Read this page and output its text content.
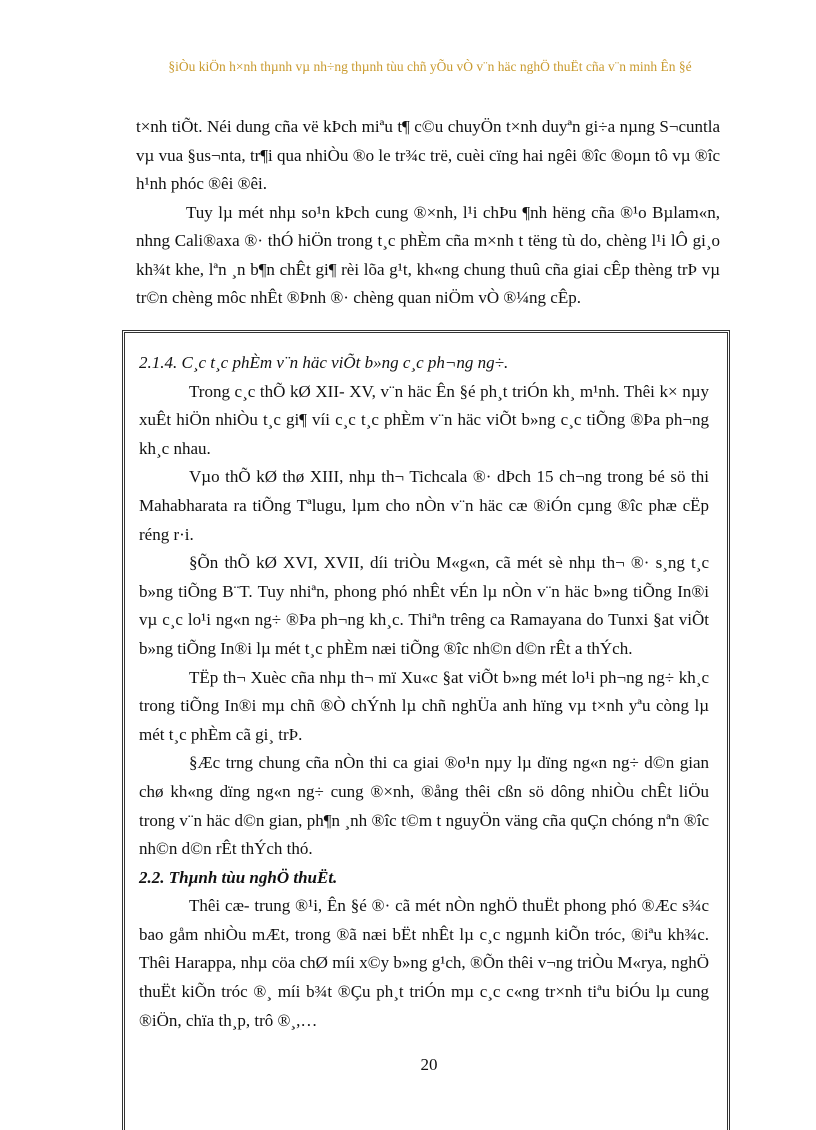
§iÒu kiÖn h×nh thµnh vµ nh÷ng thµnh tùu chñ yÕu vÒ v¨n häc nghÖ thuËt cña v¨n minh Ên §é

t×nh tiÕt. Néi dung cña vë kÞch miªu t¶ c©u chuyÖn t×nh duyªn gi÷a nµng S¬cuntla vµ vua §us¬nta, tr¶i qua nhiÒu ®o le tr¾c trë, cuèi cïng hai ngêi ®îc ®oµn tô vµ ®îc h¹nh phóc ®êi ®êi.

Tuy lµ mét nhµ so¹n kÞch cung ®×nh, l¹i chÞu ¶nh hëng cña ®¹o Bµlam«n, nhng Cali®axa ®· thÓ hiÖn trong t¸c phÈm cña m×nh t tëng tù do, chèng l¹i lÔ gi¸o kh¾t khe, lªn ¸n b¶n chÊt gi¶ rèi lõa g¹t, kh«ng chung thuû cña giai cÊp thèng trÞ vµ tr©n chèng môc nhÊt ®Þnh ®· chèng quan niÖm vÒ ®¼ng cÊp.

2.1.4. C¸c t¸c phÈm v¨n häc viÕt b»ng c¸c ph¬ng ng÷.

Trong c¸c thÕ kØ XII- XV, v¨n häc Ên §é ph¸t triÓn kh¸ m¹nh. Thêi k× nµy xuÊt hiÖn nhiÒu t¸c gi¶ víi c¸c t¸c phÈm v¨n häc viÕt b»ng c¸c tiÕng ®Þa ph¬ng kh¸c nhau.

Vµo thÕ kØ thø XIII, nhµ th¬ Tichcala ®· dÞch 15 ch¬ng trong bé sö thi Mahabharata ra tiÕng Tªlugu, lµm cho nÒn v¨n häc cæ ®iÓn cµng ®îc phæ cËp réng r·i.

§Õn thÕ kØ XVI, XVII, díi triÒu M«g«n, cã mét sè nhµ th¬ ®· s¸ng t¸c b»ng tiÕng B¨T. Tuy nhiªn, phong phó nhÊt vÉn lµ nÒn v¨n häc b»ng tiÕng In®i vµ c¸c lo¹i ng«n ng÷ ®Þa ph¬ng kh¸c. Thiªn trêng ca Ramayana do Tunxi §at viÕt b»ng tiÕng In®i lµ mét t¸c phÈm næi tiÕng ®îc nh©n d©n rÊt a thÝch.

TËp th¬ Xuèc cña nhµ th¬ mï Xu«c §at viÕt b»ng mét lo¹i ph¬ng ng÷ kh¸c trong tiÕng In®i mµ chñ ®Ò chÝnh lµ chñ nghÜa anh hïng vµ t×nh yªu còng lµ mét t¸c phÈm cã gi¸ trÞ.

§Æc trng chung cña nÒn thi ca giai ®o¹n nµy lµ dïng ng«n ng÷ d©n gian chø kh«ng dïng ng«n ng÷ cung ®×nh, ®ång thêi cßn sö dông nhiÒu chÊt liÖu trong v¨n häc d©n gian, ph¶n ¸nh ®îc t©m t nguyÖn väng cña quÇn chóng nªn ®îc nh©n d©n rÊt thÝch thó.

2.2. Thµnh tùu nghÖ thuËt.

Thêi cæ- trung ®¹i, Ên §é ®· cã mét nÒn nghÖ thuËt phong phó ®Æc s¾c bao gåm nhiÒu mÆt, trong ®ã næi bËt nhÊt lµ c¸c ngµnh kiÕn tróc, ®iªu kh¾c. Thêi Harappa, nhµ cöa chØ míi x©y b»ng g¹ch, ®Õn thêi v¬ng triÒu M«rya, nghÖ thuËt kiÕn tróc ®¸ míi b¾t ®Çu ph¸t triÓn mµ c¸c c«ng tr×nh tiªu biÓu lµ cung ®iÖn, chïa th¸p, trô ®¸,…

20
